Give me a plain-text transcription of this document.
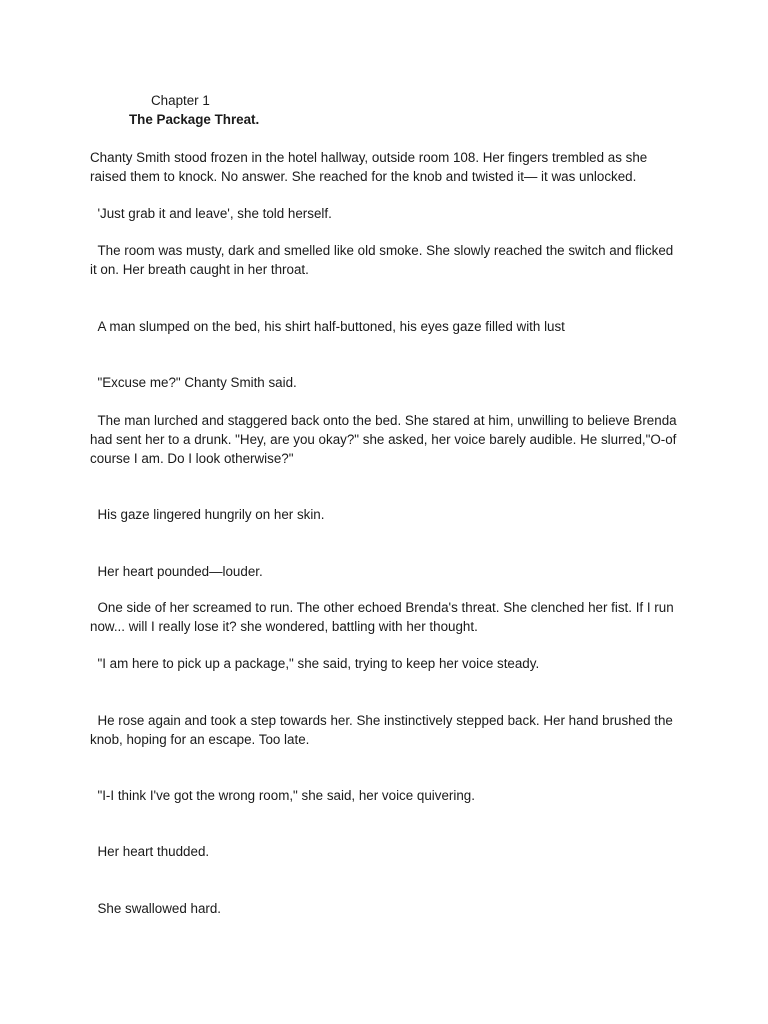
Chapter 1
The Package Threat.
Chanty Smith stood frozen in the hotel hallway, outside room 108. Her fingers trembled as she raised them to knock. No answer. She reached for the knob and twisted it— it was unlocked.
'Just grab it and leave', she told herself.
The room was musty, dark and smelled like old smoke. She slowly reached the switch and flicked it on. Her breath caught in her throat.
A man slumped on the bed, his shirt half-buttoned, his eyes gaze filled with lust
"Excuse me?" Chanty Smith said.
The man lurched and staggered back onto the bed. She stared at him, unwilling to believe Brenda had sent her to a drunk. "Hey, are you okay?" she asked, her voice barely audible. He slurred,"O-of course I am. Do I look otherwise?"
His gaze lingered hungrily on her skin.
Her heart pounded—louder.
One side of her screamed to run. The other echoed Brenda's threat. She clenched her fist. If I run now... will I really lose it? she wondered, battling with her thought.
"I am here to pick up a package," she said, trying to keep her voice steady.
He rose again and took a step towards her. She instinctively stepped back. Her hand brushed the knob, hoping for an escape. Too late.
"I-I think I've got the wrong room," she said, her voice quivering.
Her heart thudded.
She swallowed hard.
